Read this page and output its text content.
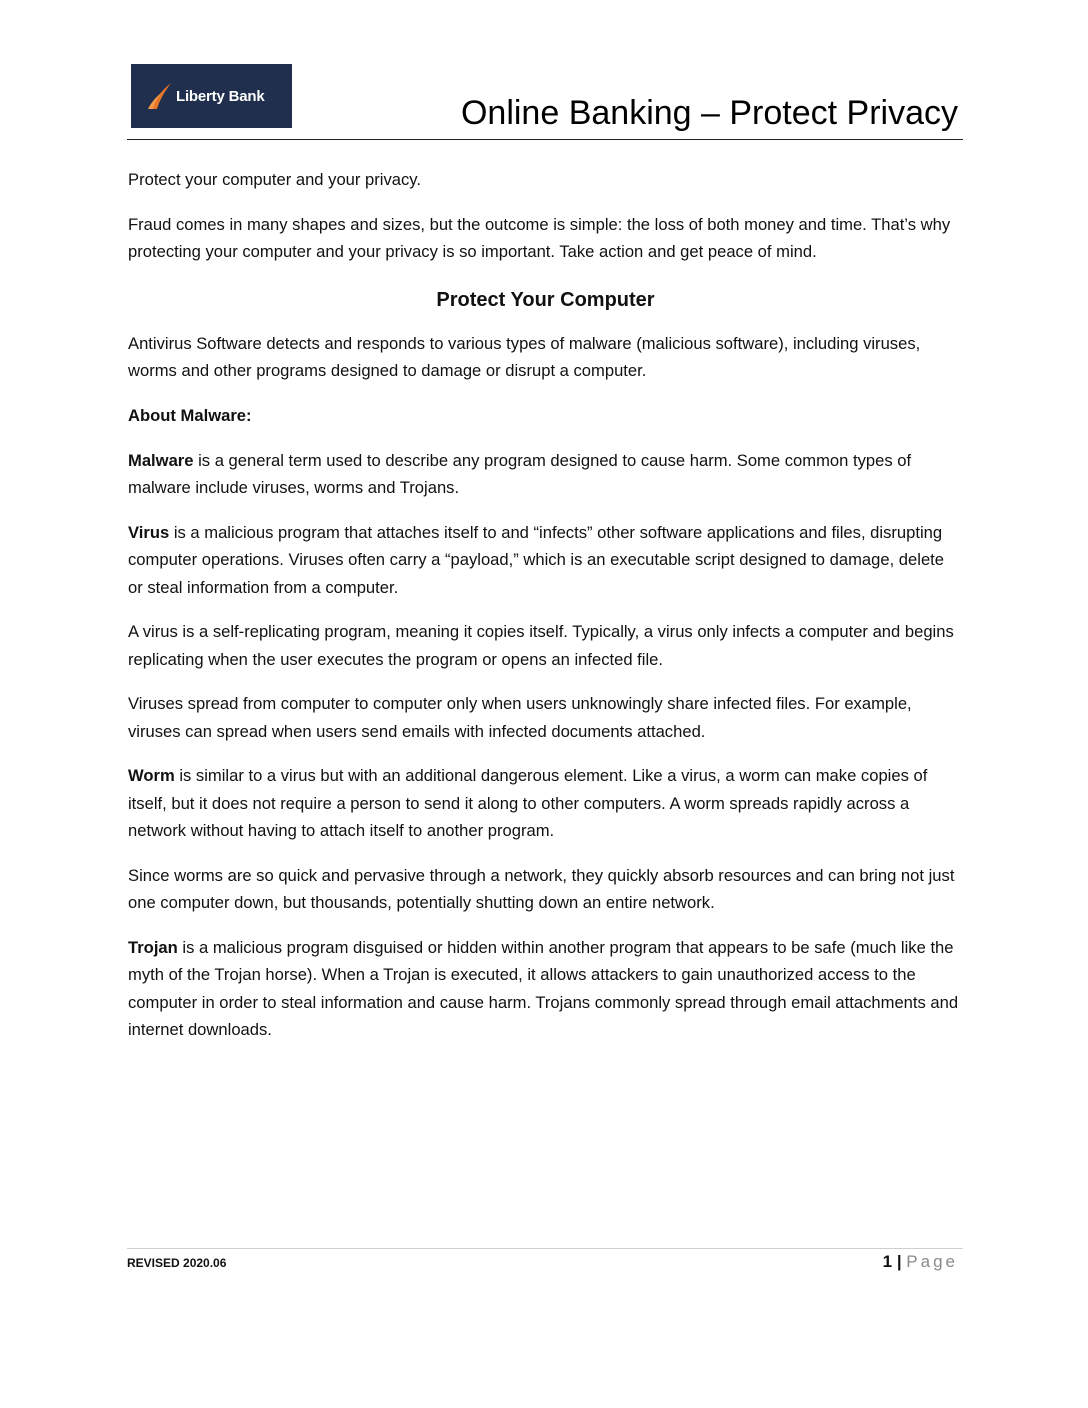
Liberty Bank	Online Banking – Protect Privacy

Protect your computer and your privacy.

Fraud comes in many shapes and sizes, but the outcome is simple: the loss of both money and time. That’s why protecting your computer and your privacy is so important. Take action and get peace of mind.

Protect Your Computer

Antivirus Software detects and responds to various types of malware (malicious software), including viruses, worms and other programs designed to damage or disrupt a computer.

About Malware:

Malware is a general term used to describe any program designed to cause harm. Some common types of malware include viruses, worms and Trojans.

Virus is a malicious program that attaches itself to and “infects” other software applications and files, disrupting computer operations. Viruses often carry a “payload,” which is an executable script designed to damage, delete or steal information from a computer.

A virus is a self-replicating program, meaning it copies itself. Typically, a virus only infects a computer and begins replicating when the user executes the program or opens an infected file.

Viruses spread from computer to computer only when users unknowingly share infected files. For example, viruses can spread when users send emails with infected documents attached.

Worm is similar to a virus but with an additional dangerous element. Like a virus, a worm can make copies of itself, but it does not require a person to send it along to other computers. A worm spreads rapidly across a network without having to attach itself to another program.

Since worms are so quick and pervasive through a network, they quickly absorb resources and can bring not just one computer down, but thousands, potentially shutting down an entire network.

Trojan is a malicious program disguised or hidden within another program that appears to be safe (much like the myth of the Trojan horse). When a Trojan is executed, it allows attackers to gain unauthorized access to the computer in order to steal information and cause harm. Trojans commonly spread through email attachments and internet downloads.

REVISED 2020.06	1 | Page
